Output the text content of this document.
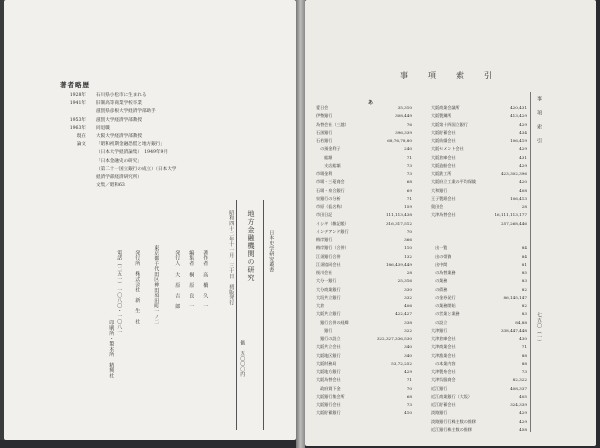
著者略歴
1928年	石川県小松市に生まれる
1941年	旧制高等商業学校卒業
滋賀県彦根大学経済学部助手
1953年	滋賀大学経済学部教授
1963年	同退職
現在	大阪大学経済学部教授
論文	「昭和初期金融恐慌と地方銀行」
（日本大学経済論集）　1949年9月
「日本金融史の研究」
（第二十一国立銀行の成立）（日本大学
経済学部経済研究所）
文集／昭和63
日本史学研究叢書
地方金融機関の研究
価　五〇〇〇円
昭和四十二年十一月　三十日　初版発行
著作者
高　橋　久　一
編集者
桐　原　良　一
発行人
大　原　吉　郎
東京都千代田区神田須田町一ノ二
発行所　株式会社　新　生　社
電話（二五一）一〇八〇・一〇八一
印刷所・製本所　精興社
事　項　索　引
事　項　索　引
七五〇（一）
あ
愛日会	35,310
伊勢銀行	308,449
為替会社（三越）	76
石黒銀行	396,339
石若銀行	68,76,78,80
　の預金利子	240
　　総額	71
　　支店総額	73
市場金利	73
市場・三菱商会	68
石場・泉合銀行	69
泉銀行の分析	71
市原（仮名称）	159
市田日記	111,113,438
イシギ（雑記帳）	316,317,512
インデアンド銀行	70
梅岸銀行	366
梅岸銀行（合併）	110
江須銀行合併	132
江須協同会社	186,439,449
桜川会社	28
大分一銀行	25,316
大分商業銀行	330
大垣共立銀行	332
大倉	406
大阪共立銀行	422,427
　銀行合併の経緯	338
　　銀行	322
　銀行の設立	322,327,336,530
大阪共立会社	340
大阪地区銀行	340
大阪財務局	53,72,252
大阪地方銀行	429
大阪為替会社	71
　政府貸下金	70
大阪銀行集会所	68
大阪銀行会社	73
大阪貯蓄銀行	410
大阪商業会議所	420,431
大阪製鋼所	413,429
大阪第十四国立銀行	429
大阪貯蓄会社	434
大阪紡績会社	106,419
大阪セメント会社	429
大阪倉庫会社	431
大阪造船会社	429
大阪鉄工所	423,302,396
大阪府立工業の平均保険	420
大和銀行	408
王子製紙会社	106,413
奥田会	28
大津為替会社	16,111,113,177

257,268,446

　出一覧	84
　出の帯資	84
　出中間	81
　の為替業務	85
　の業務	83
　の債務	82
　の金券発行	86,145,147
　の業務開始	82
　の営業と業務	83
　の設立	84,88
大津銀行	338,447,448
大津倉庫会社	430
大津商業会社	71
大津漁業会社	88
　の本業内容	88
大津製糸会社	73
大津呉服商会	82,322
近江銀行	408,337
近江商業銀行（大坂）	405
近江貯蓄会社	324,339
淡路銀行	429
淡路銀行行株主数の推移	429
近江銀行株主数の推移	458
